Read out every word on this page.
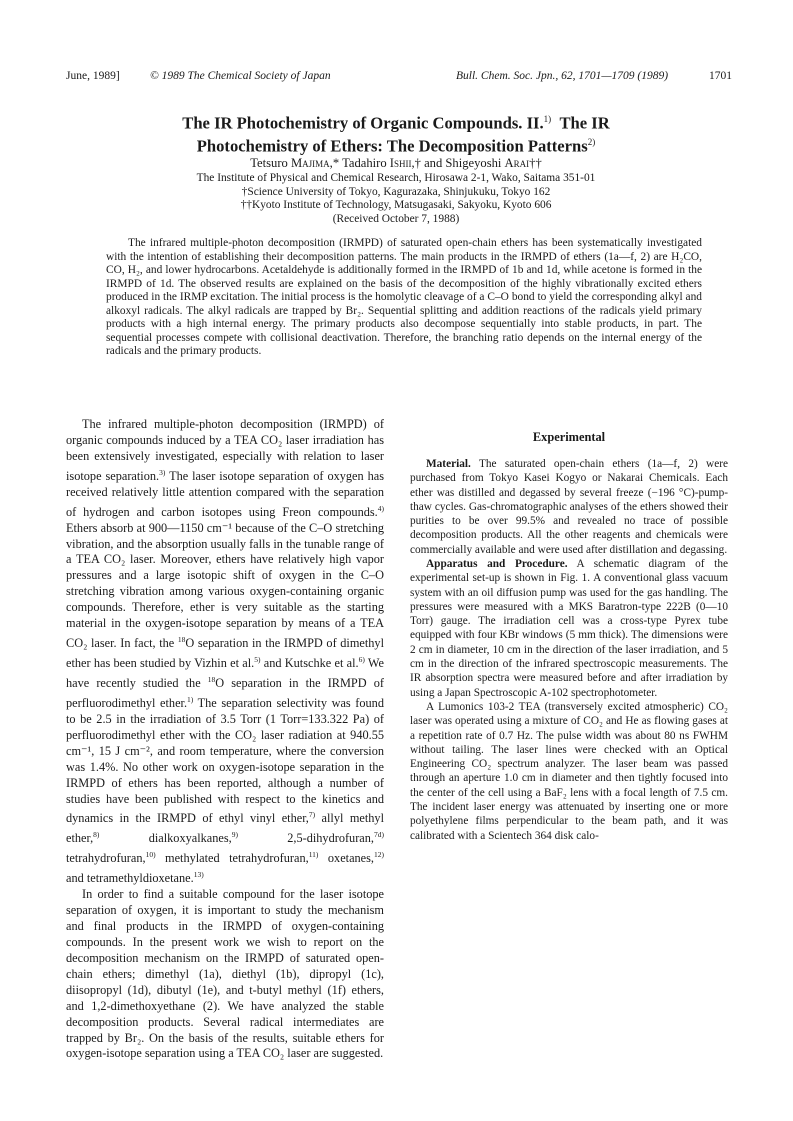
June, 1989]	© 1989 The Chemical Society of Japan	Bull. Chem. Soc. Jpn., 62, 1701—1709 (1989)	1701
The IR Photochemistry of Organic Compounds. II.$^{1)}$ The IR
Photochemistry of Ethers: The Decomposition Patterns$^{2)}$
Tetsuro Majima,* Tadahiro Ishii,† and Shigeyoshi Arai††
The Institute of Physical and Chemical Research, Hirosawa 2-1, Wako, Saitama 351-01
†Science University of Tokyo, Kagurazaka, Shinjukuku, Tokyo 162
††Kyoto Institute of Technology, Matsugasaki, Sakyoku, Kyoto 606
(Received October 7, 1988)

The infrared multiple-photon decomposition (IRMPD) of saturated open-chain ethers has been systematically investigated with the intention of establishing their decomposition patterns. The main products in the IRMPD of ethers (1a—f, 2) are H₂CO, CO, H₂, and lower hydrocarbons. Acetaldehyde is additionally formed in the IRMPD of 1b and 1d, while acetone is formed in the IRMPD of 1d. The observed results are explained on the basis of the decomposition of the highly vibrationally excited ethers produced in the IRMP excitation. The initial process is the homolytic cleavage of a C–O bond to yield the corresponding alkyl and alkoxyl radicals. The alkyl radicals are trapped by Br₂. Sequential splitting and addition reactions of the radicals yield primary products with a high internal energy. The primary products also decompose sequentially into stable products, in part. The sequential processes compete with collisional deactivation. Therefore, the branching ratio depends on the internal energy of the radicals and the primary products.

The infrared multiple-photon decomposition (IRMPD) of organic compounds induced by a TEA CO₂ laser irradiation has been extensively investigated, especially with relation to laser isotope separation.$^{3)}$ The laser isotope separation of oxygen has received relatively little attention compared with the separation of hydrogen and carbon isotopes using Freon compounds.$^{4)}$ Ethers absorb at 900—1150 cm⁻¹ because of the C–O stretching vibration, and the absorption usually falls in the tunable range of a TEA CO₂ laser. Moreover, ethers have relatively high vapor pressures and a large isotopic shift of oxygen in the C–O stretching vibration among various oxygen-containing organic compounds. Therefore, ether is very suitable as the starting material in the oxygen-isotope separation by means of a TEA CO₂ laser. In fact, the $^{18}$O separation in the IRMPD of dimethyl ether has been studied by Vizhin et al.$^{5)}$ and Kutschke et al.$^{6)}$ We have recently studied the $^{18}$O separation in the IRMPD of perfluorodimethyl ether.$^{1)}$ The separation selectivity was found to be 2.5 in the irradiation of 3.5 Torr (1 Torr=133.322 Pa) of perfluorodimethyl ether with the CO₂ laser radiation at 940.55 cm⁻¹, 15 J cm⁻², and room temperature, where the conversion was 1.4%. No other work on oxygen-isotope separation in the IRMPD of ethers has been reported, although a number of studies have been published with respect to the kinetics and dynamics in the IRMPD of ethyl vinyl ether,$^{7)}$ allyl methyl ether,$^{8)}$ dialkoxyalkanes,$^{9)}$ 2,5-dihydrofuran,$^{7d)}$ tetrahydrofuran,$^{10)}$ methylated tetrahydrofuran,$^{11)}$ oxetanes,$^{12)}$ and tetramethyldioxetane.$^{13)}$

In order to find a suitable compound for the laser isotope separation of oxygen, it is important to study the mechanism and final products in the IRMPD of oxygen-containing compounds. In the present work we wish to report on the decomposition mechanism on the IRMPD of saturated open-chain ethers; dimethyl (1a), diethyl (1b), dipropyl (1c), diisopropyl (1d), dibutyl (1e), and t-butyl methyl (1f) ethers, and 1,2-dimethoxyethane (2). We have analyzed the stable decomposition products. Several radical intermediates are trapped by Br₂. On the basis of the results, suitable ethers for oxygen-isotope separation using a TEA CO₂ laser are suggested.

Experimental

Material. The saturated open-chain ethers (1a—f, 2) were purchased from Tokyo Kasei Kogyo or Nakarai Chemicals. Each ether was distilled and degassed by several freeze (−196 °C)-pump-thaw cycles. Gas-chromatographic analyses of the ethers showed their purities to be over 99.5% and revealed no trace of possible decomposition products. All the other reagents and chemicals were commercially available and were used after distillation and degassing.

Apparatus and Procedure. A schematic diagram of the experimental set-up is shown in Fig. 1. A conventional glass vacuum system with an oil diffusion pump was used for the gas handling. The pressures were measured with a MKS Baratron-type 222B (0—10 Torr) gauge. The irradiation cell was a cross-type Pyrex tube equipped with four KBr windows (5 mm thick). The dimensions were 2 cm in diameter, 10 cm in the direction of the laser irradiation, and 5 cm in the direction of the infrared spectroscopic measurements. The IR absorption spectra were measured before and after irradiation by using a Japan Spectroscopic A-102 spectrophotometer.

A Lumonics 103-2 TEA (transversely excited atmospheric) CO₂ laser was operated using a mixture of CO₂ and He as flowing gases at a repetition rate of 0.7 Hz. The pulse width was about 80 ns FWHM without tailing. The laser lines were checked with an Optical Engineering CO₂ spectrum analyzer. The laser beam was passed through an aperture 1.0 cm in diameter and then tightly focused into the center of the cell using a BaF₂ lens with a focal length of 7.5 cm. The incident laser energy was attenuated by inserting one or more polyethylene films perpendicular to the beam path, and it was calibrated with a Scientech 364 disk calo-
